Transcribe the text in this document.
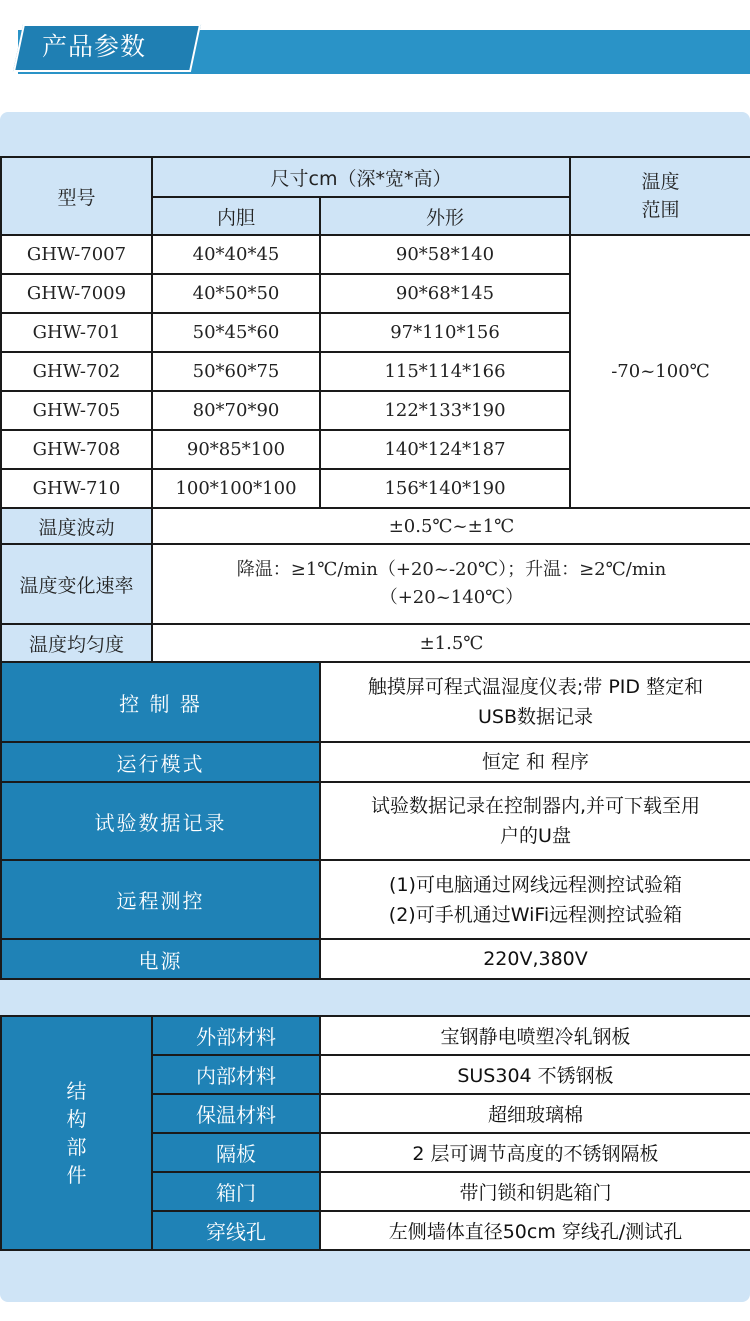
产品参数
型号	尺寸cm（深*宽*高）		温度
范围
	内胆	外形	
GHW-7007	40*40*45	90*58*140	-70~100℃
GHW-7009	40*50*50	90*68*145	
GHW-701	50*45*60	97*110*156	
GHW-702	50*60*75	115*114*166	
GHW-705	80*70*90	122*133*190	
GHW-708	90*85*100	140*124*187	
GHW-710	100*100*100	156*140*190	
温度波动	±0.5℃~±1℃		
温度变化速率	降温：≥1℃/min（+20~-20℃）；升温：≥2℃/min
（+20~140℃）		

温度均匀度	±1.5℃		
控 制 器	触摸屏可程式温湿度仪表;带 PID 整定和
USB数据记录
运行模式	恒定 和 程序
试验数据记录	试验数据记录在控制器内,并可下载至用
户的U盘
远程测控	(1)可电脑通过网线远程测控试验箱
(2)可手机通过WiFi远程测控试验箱
电源	220V,380V
结构部件	外部材料	宝钢静电喷塑冷轧钢板
	内部材料	SUS304 不锈钢板
	保温材料	超细玻璃棉
	隔板	2 层可调节高度的不锈钢隔板
	箱门	带门锁和钥匙箱门
	穿线孔	左侧墙体直径50cm 穿线孔/测试孔
